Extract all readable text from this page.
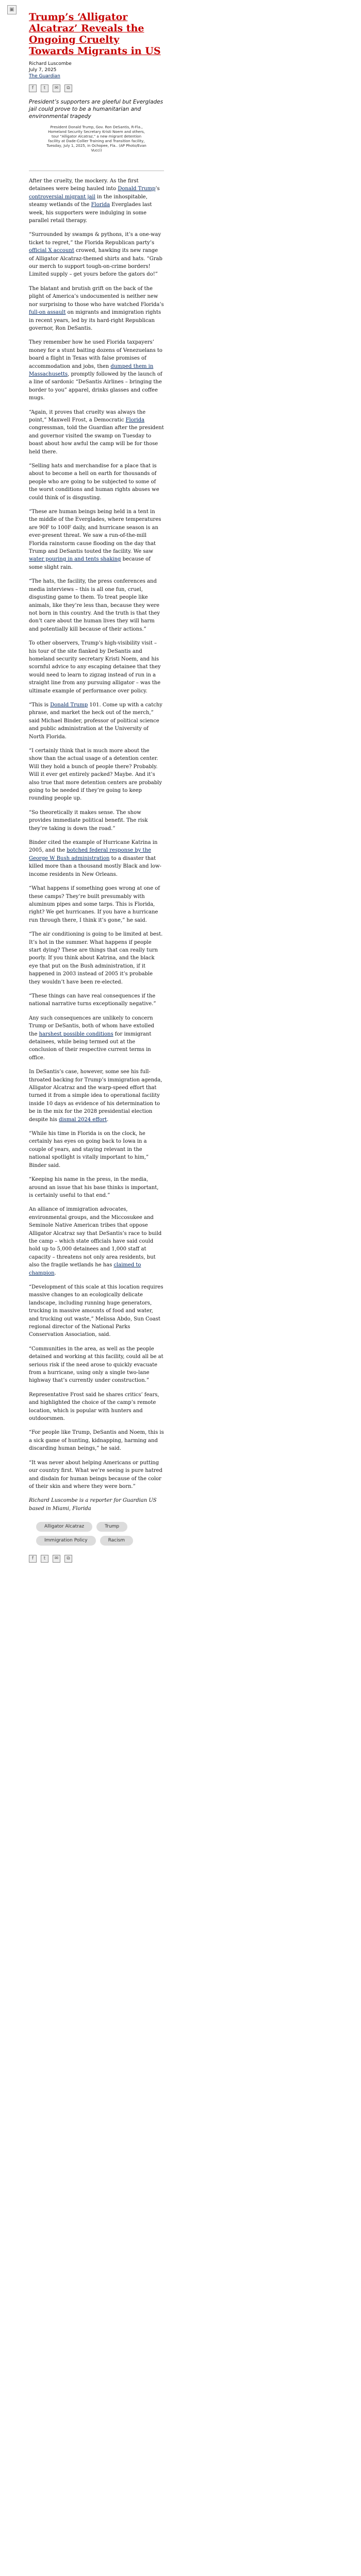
▣
Trump’s ‘Alligator Alcatraz’ Reveals the Ongoing Cruelty Towards Migrants in US
Richard Luscombe
July 7, 2025
The Guardian
f	t	✉	⧉

President’s supporters are gleeful but Everglades jail could prove to be a humanitarian and environmental tragedy

President Donald Trump, Gov. Ron DeSantis, R-Fla., Homeland Security Secretary Kristi Noem and others, tour "Alligator Alcatraz," a new migrant detention facility at Dade-Collier Training and Transition facility, Tuesday, July 1, 2025, in Ochopee, Fla.. (AP Photo/Evan Vucci)

After the cruelty, the mockery. As the first detainees were being hauled into Donald Trump’s controversial migrant jail in the inhospitable, steamy wetlands of the Florida Everglades last week, his supporters were indulging in some parallel retail therapy.

“Surrounded by swamps & pythons, it’s a one-way ticket to regret,” the Florida Republican party’s official X account crowed, hawking its new range of Alligator Alcatraz-themed shirts and hats. “Grab our merch to support tough-on-crime borders! Limited supply – get yours before the gators do!”

The blatant and brutish grift on the back of the plight of America’s undocumented is neither new nor surprising to those who have watched Florida’s full-on assault on migrants and immigration rights in recent years, led by its hard-right Republican governor, Ron DeSantis.

They remember how he used Florida taxpayers’ money for a stunt baiting dozens of Venezuelans to board a flight in Texas with false promises of accommodation and jobs, then dumped them in Massachusetts, promptly followed by the launch of a line of sardonic “DeSantis Airlines – bringing the border to you” apparel, drinks glasses and coffee mugs.

“Again, it proves that cruelty was always the point,” Maxwell Frost, a Democratic Florida congressman, told the Guardian after the president and governor visited the swamp on Tuesday to boast about how awful the camp will be for those held there.

“Selling hats and merchandise for a place that is about to become a hell on earth for thousands of people who are going to be subjected to some of the worst conditions and human rights abuses we could think of is disgusting.

“These are human beings being held in a tent in the middle of the Everglades, where temperatures are 90F to 100F daily, and hurricane season is an ever-present threat. We saw a run-of-the-mill Florida rainstorm cause flooding on the day that Trump and DeSantis touted the facility. We saw water pouring in and tents shaking because of some slight rain.

“The hats, the facility, the press conferences and media interviews – this is all one fun, cruel, disgusting game to them. To treat people like animals, like they’re less than, because they were not born in this country. And the truth is that they don’t care about the human lives they will harm and potentially kill because of their actions.”

To other observers, Trump’s high-visibility visit – his tour of the site flanked by DeSantis and homeland security secretary Kristi Noem, and his scornful advice to any escaping detainee that they would need to learn to zigzag instead of run in a straight line from any pursuing alligator – was the ultimate example of performance over policy.

“This is Donald Trump 101. Come up with a catchy phrase, and market the heck out of the merch,” said Michael Binder, professor of political science and public administration at the University of North Florida.

“I certainly think that is much more about the show than the actual usage of a detention center. Will they hold a bunch of people there? Probably. Will it ever get entirely packed? Maybe. And it’s also true that more detention centers are probably going to be needed if they’re going to keep rounding people up.

“So theoretically it makes sense. The show provides immediate political benefit. The risk they’re taking is down the road.”

Binder cited the example of Hurricane Katrina in 2005, and the botched federal response by the George W Bush administration to a disaster that killed more than a thousand mostly Black and low-income residents in New Orleans.

“What happens if something goes wrong at one of these camps? They’re built presumably with aluminum pipes and some tarps. This is Florida, right? We get hurricanes. If you have a hurricane run through there, I think it’s gone,” he said.

“The air conditioning is going to be limited at best. It’s hot in the summer. What happens if people start dying? These are things that can really turn poorly. If you think about Katrina, and the black eye that put on the Bush administration, if it happened in 2003 instead of 2005 it’s probable they wouldn’t have been re-elected.

“These things can have real consequences if the national narrative turns exceptionally negative.”

Any such consequences are unlikely to concern Trump or DeSantis, both of whom have extolled the harshest possible conditions for immigrant detainees, while being termed out at the conclusion of their respective current terms in office.

In DeSantis’s case, however, some see his full-throated backing for Trump’s immigration agenda, Alligator Alcatraz and the warp-speed effort that turned it from a simple idea to operational facility inside 10 days as evidence of his determination to be in the mix for the 2028 presidential election despite his dismal 2024 effort.

“While his time in Florida is on the clock, he certainly has eyes on going back to Iowa in a couple of years, and staying relevant in the national spotlight is vitally important to him,” Binder said.

“Keeping his name in the press, in the media, around an issue that his base thinks is important, is certainly useful to that end.”

An alliance of immigration advocates, environmental groups, and the Miccosukee and Seminole Native American tribes that oppose Alligator Alcatraz say that DeSantis’s race to build the camp – which state officials have said could hold up to 5,000 detainees and 1,000 staff at capacity – threatens not only area residents, but also the fragile wetlands he has claimed to champion.

“Development of this scale at this location requires massive changes to an ecologically delicate landscape, including running huge generators, trucking in massive amounts of food and water, and trucking out waste,” Melissa Abdo, Sun Coast regional director of the National Parks Conservation Association, said.

“Communities in the area, as well as the people detained and working at this facility, could all be at serious risk if the need arose to quickly evacuate from a hurricane, using only a single two-lane highway that’s currently under construction.”

Representative Frost said he shares critics’ fears, and highlighted the choice of the camp’s remote location, which is popular with hunters and outdoorsmen.

“For people like Trump, DeSantis and Noem, this is a sick game of hunting, kidnapping, harming and discarding human beings,” he said.

“It was never about helping Americans or putting our country first. What we’re seeing is pure hatred and disdain for human beings because of the color of their skin and where they were born.”

Richard Luscombe is a reporter for Guardian US based in Miami, Florida

Alligator Alcatraz	Trump
Immigration Policy	Racism
f	t	✉	⧉
